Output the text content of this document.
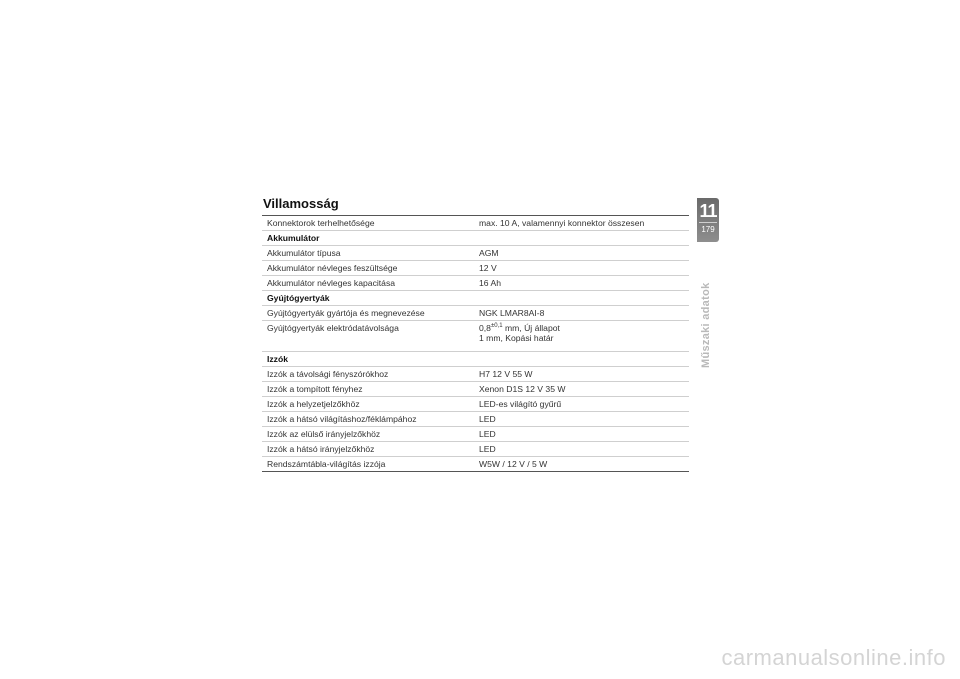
Villamosság
Konnektorok terhelhetősége	max. 10 A, valamennyi konnektor összesen
Akkumulátor	
Akkumulátor típusa	AGM
Akkumulátor névleges feszültsége	12 V
Akkumulátor névleges kapacitása	16 Ah
Gyújtógyertyák	
Gyújtógyertyák gyártója és megnevezése	NGK LMAR8AI-8
Gyújtógyertyák elektródatávolsága	$0,8^{\pm 0,1}$ mm, Új állapot
1 mm, Kopási határ
Izzók	
Izzók a távolsági fényszórókhoz	H7 12 V 55 W
Izzók a tompított fényhez	Xenon D1S 12 V 35 W
Izzók a helyzetjelzőkhöz	LED-es világító gyűrű
Izzók a hátsó világításhoz/féklámpához	LED
Izzók az elülső irányjelzőkhöz	LED
Izzók a hátsó irányjelzőkhöz	LED
Rendszámtábla-világítás izzója	W5W / 12 V / 5 W
11
179
Műszaki adatok
carmanualsonline.info
